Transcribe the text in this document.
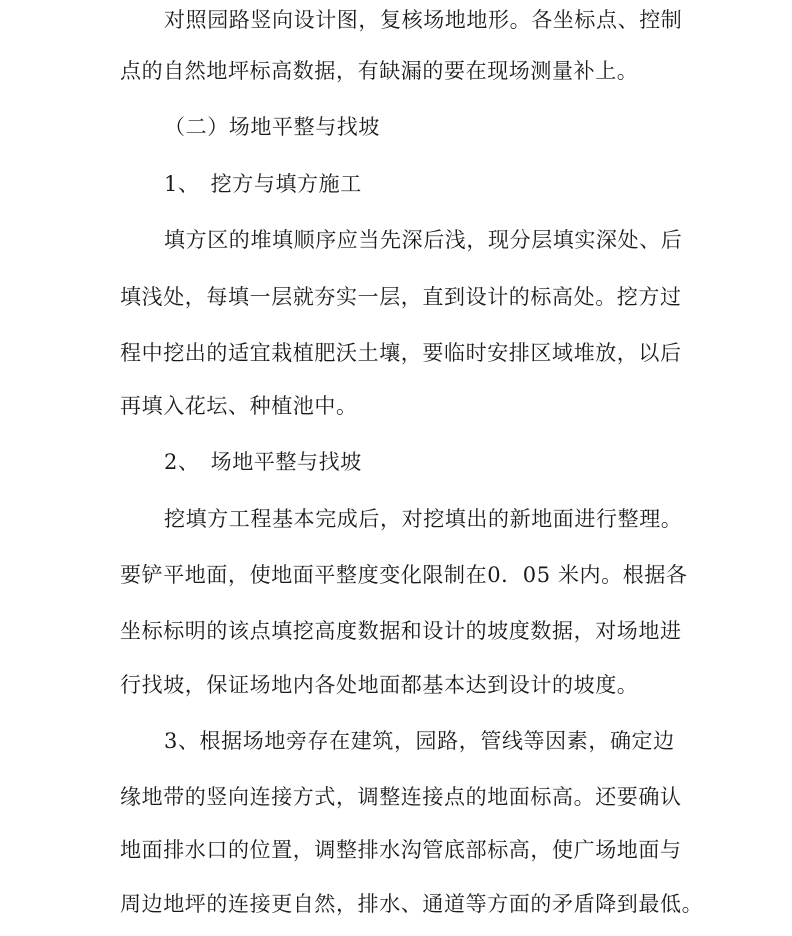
对照园路竖向设计图，复核场地地形。各坐标点、控制
点的自然地坪标高数据，有缺漏的要在现场测量补上。
（二）场地平整与找坡
1、　挖方与填方施工
填方区的堆填顺序应当先深后浅，现分层填实深处、后
填浅处，每填一层就夯实一层，直到设计的标高处。挖方过
程中挖出的适宜栽植肥沃土壤，要临时安排区域堆放，以后
再填入花坛、种植池中。
2、　场地平整与找坡
挖填方工程基本完成后，对挖填出的新地面进行整理。
要铲平地面，使地面平整度变化限制在0．05 米内。根据各
坐标标明的该点填挖高度数据和设计的坡度数据，对场地进
行找坡，保证场地内各处地面都基本达到设计的坡度。
3、根据场地旁存在建筑，园路，管线等因素，确定边
缘地带的竖向连接方式，调整连接点的地面标高。还要确认
地面排水口的位置，调整排水沟管底部标高，使广场地面与
周边地坪的连接更自然，排水、通道等方面的矛盾降到最低。
